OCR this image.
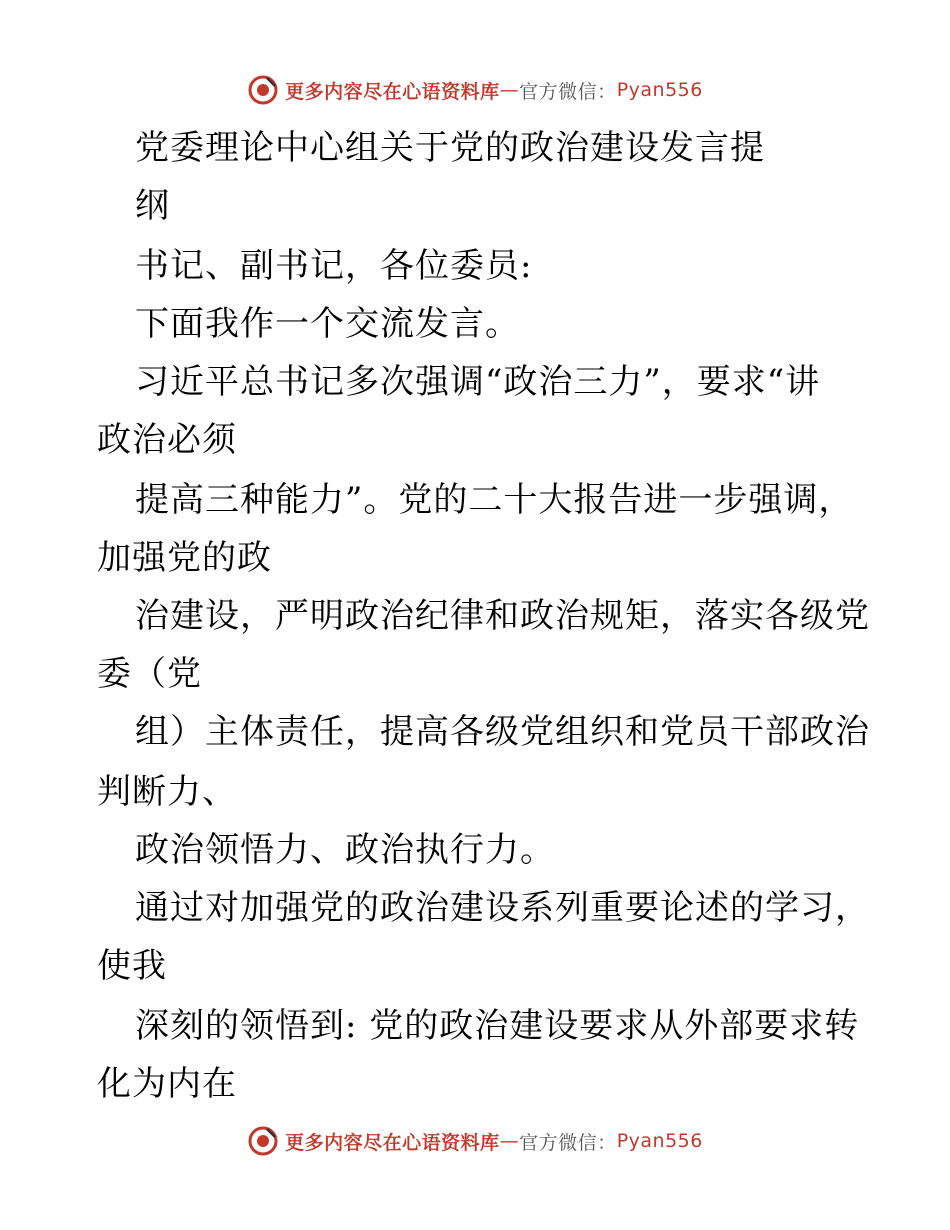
更多内容尽在心语资料库 — 官方微信： Pyan556
党委理论中心组关于党的政治建设发言提
纲
书记、副书记，各位委员:
下面我作一个交流发言。
习近平总书记多次强调“政治三力”，要求“讲
政治必须
提高三种能力”。党的二十大报告进一步强调，
加强党的政
治建设，严明政治纪律和政治规矩，落实各级党
委（党
组）主体责任，提高各级党组织和党员干部政治
判断力、
政治领悟力、政治执行力。
通过对加强党的政治建设系列重要论述的学习，
使我
深刻的领悟到: 党的政治建设要求从外部要求转
化为内在
更多内容尽在心语资料库 — 官方微信： Pyan556
